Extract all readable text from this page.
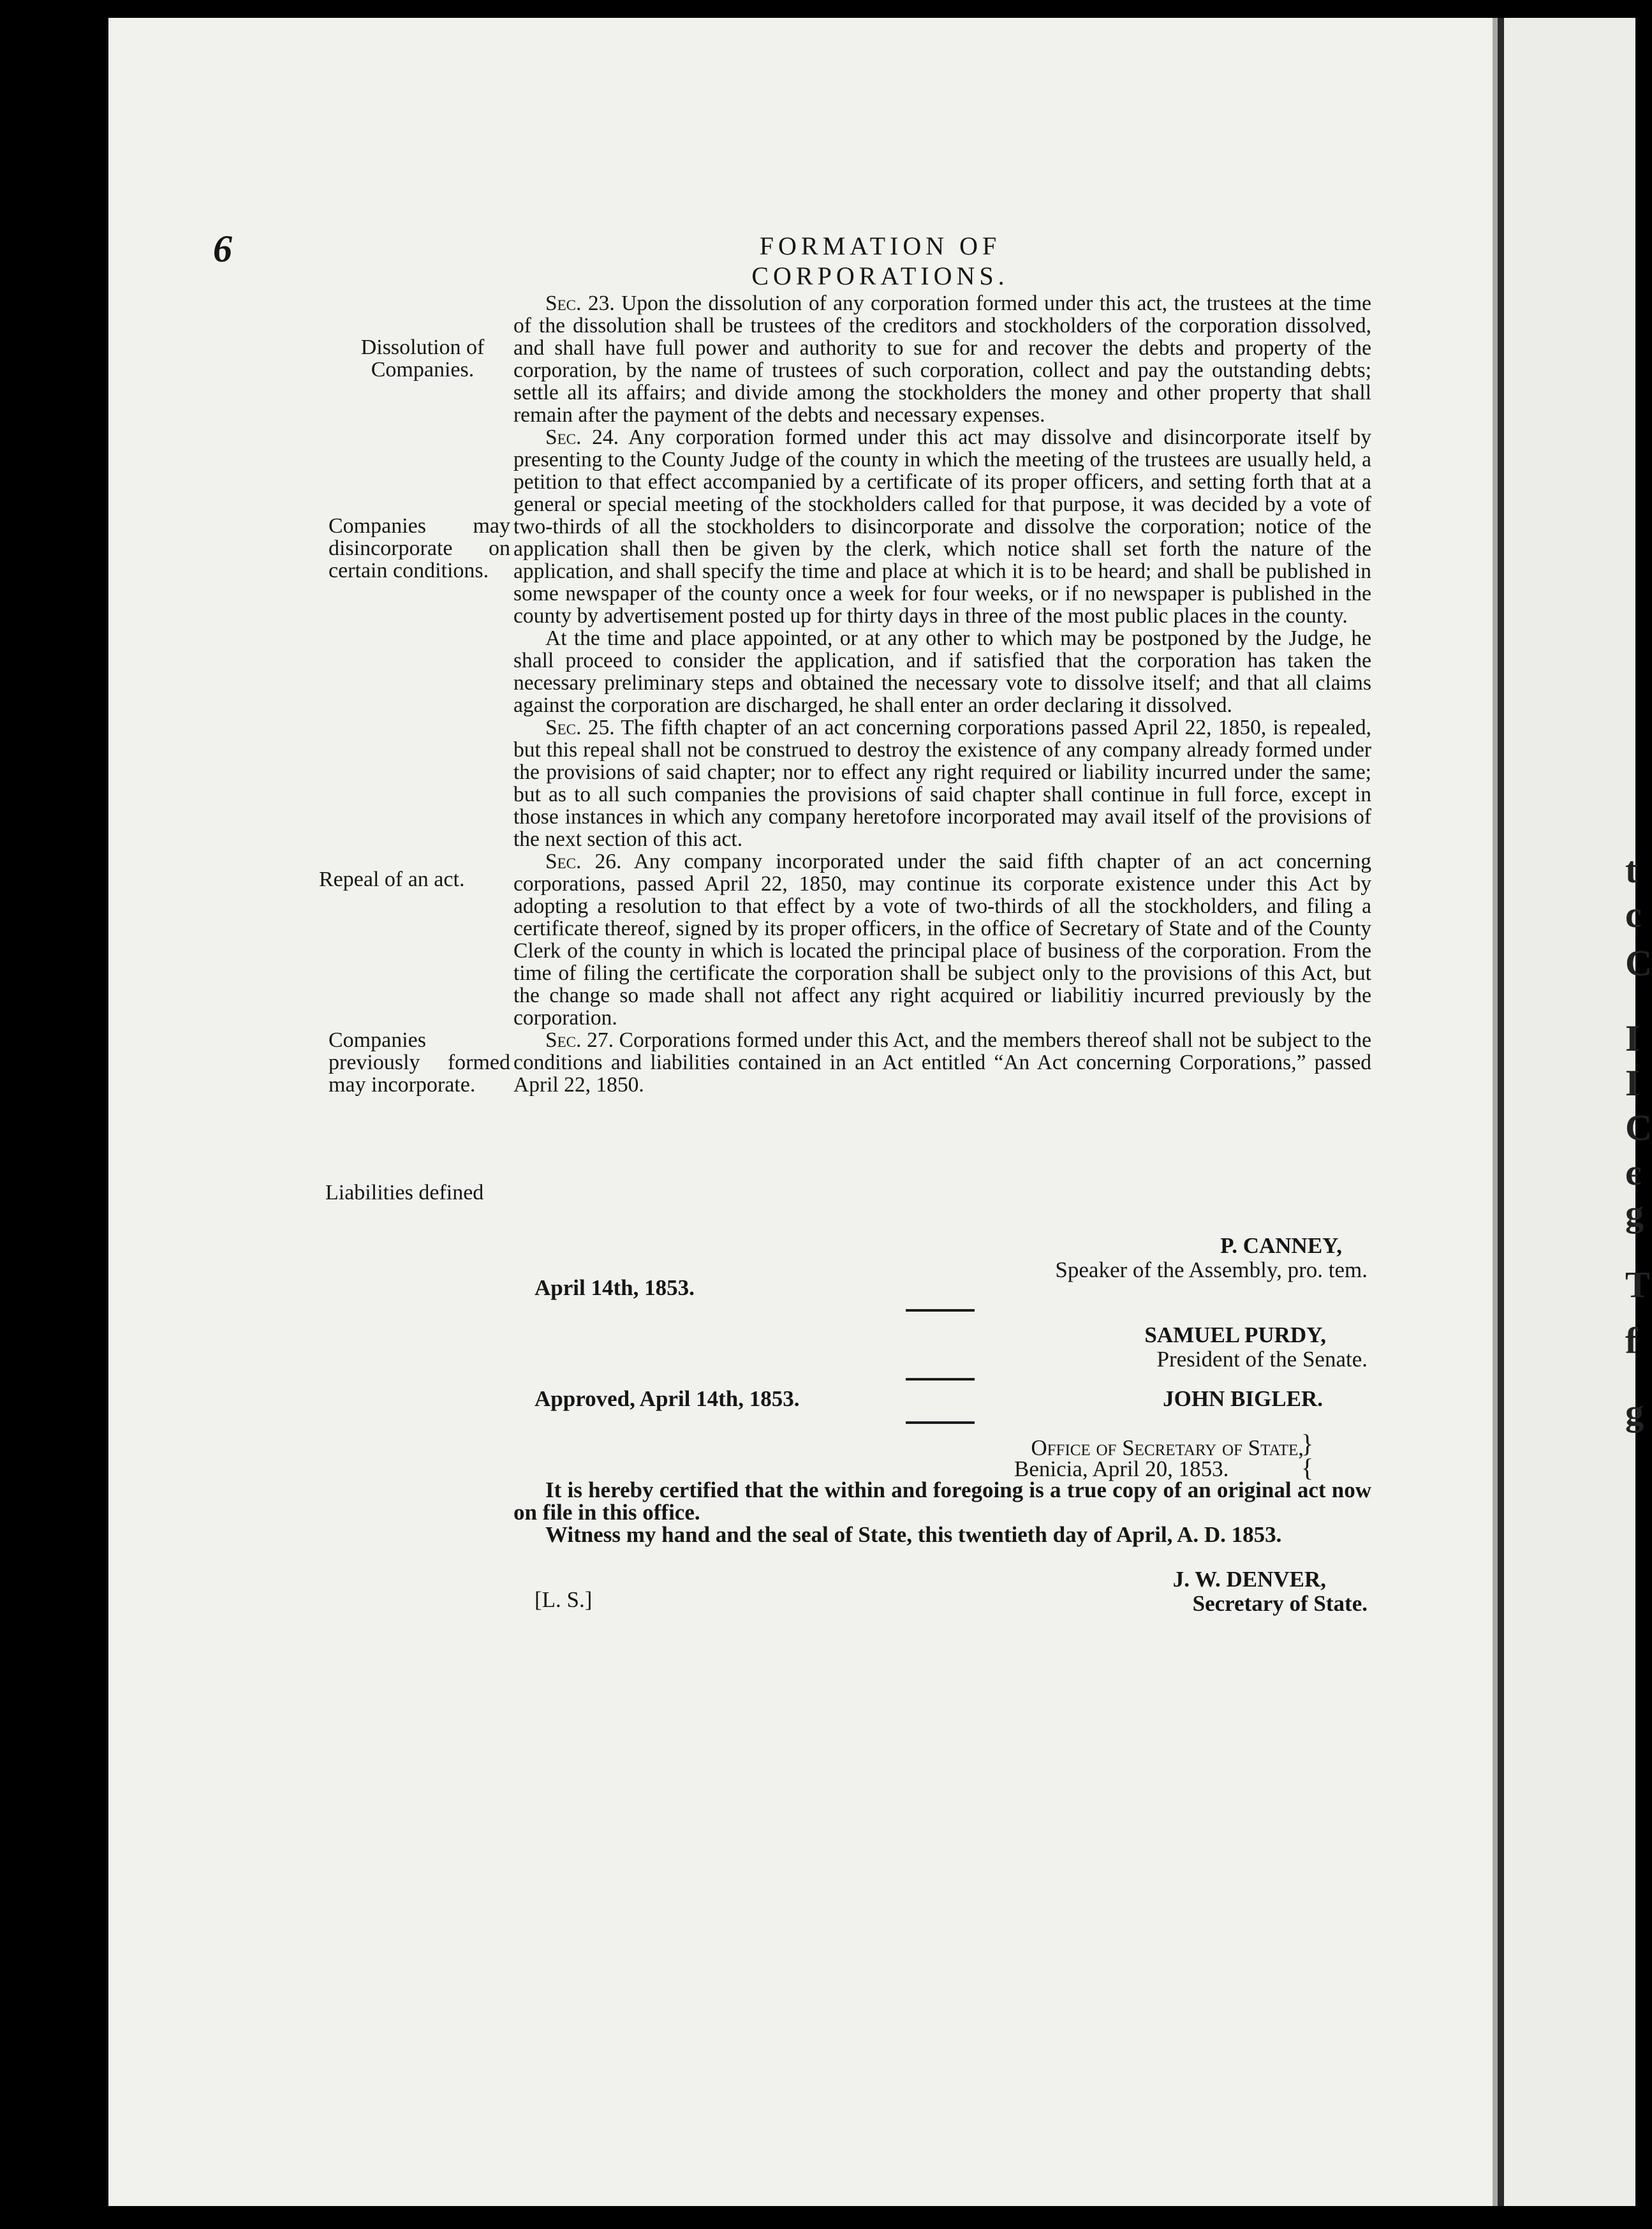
t
c
C
I
I
C
є
g
T
f
g
6	FORMATION OF CORPORATIONS.
Dissolution of Companies.
Companies may disincorporate on certain conditions.
Repeal of an act.
Companies previously formed may incorporate.
Liabilities defined

Sec. 23. Upon the dissolution of any corporation formed under this act, the trustees at the time of the dissolution shall be trustees of the creditors and stockholders of the corporation dissolved, and shall have full power and authority to sue for and recover the debts and property of the corporation, by the name of trustees of such corporation, collect and pay the outstanding debts; settle all its affairs; and divide among the stockholders the money and other property that shall remain after the payment of the debts and necessary expenses.

Sec. 24. Any corporation formed under this act may dissolve and disincorporate itself by presenting to the County Judge of the county in which the meeting of the trustees are usually held, a petition to that effect accompanied by a certificate of its proper officers, and setting forth that at a general or special meeting of the stockholders called for that purpose, it was decided by a vote of two-thirds of all the stockholders to disincorporate and dissolve the corporation; notice of the application shall then be given by the clerk, which notice shall set forth the nature of the application, and shall specify the time and place at which it is to be heard; and shall be published in some newspaper of the county once a week for four weeks, or if no newspaper is published in the county by advertisement posted up for thirty days in three of the most public places in the county.

At the time and place appointed, or at any other to which may be postponed by the Judge, he shall proceed to consider the application, and if satisfied that the corporation has taken the necessary preliminary steps and obtained the necessary vote to dissolve itself; and that all claims against the corporation are discharged, he shall enter an order declaring it dissolved.

Sec. 25. The fifth chapter of an act concerning corporations passed April 22, 1850, is repealed, but this repeal shall not be construed to destroy the existence of any company already formed under the provisions of said chapter; nor to effect any right required or liability incurred under the same; but as to all such companies the provisions of said chapter shall continue in full force, except in those instances in which any company heretofore incorporated may avail itself of the provisions of the next section of this act.

Sec. 26. Any company incorporated under the said fifth chapter of an act concerning corporations, passed April 22, 1850, may continue its corporate existence under this Act by adopting a resolution to that effect by a vote of two-thirds of all the stockholders, and filing a certificate thereof, signed by its proper officers, in the office of Secretary of State and of the County Clerk of the county in which is located the principal place of business of the corporation. From the time of filing the certificate the corporation shall be subject only to the provisions of this Act, but the change so made shall not affect any right acquired or liabilitiy incurred previously by the corporation.

Sec. 27. Corporations formed under this Act, and the members thereof shall not be subject to the conditions and liabilities contained in an Act entitled “An Act concerning Corporations,” passed April 22, 1850.

P. CANNEY,
Speaker of the Assembly, pro. tem.
April 14th, 1853.
SAMUEL PURDY,
President of the Senate.
Approved, April 14th, 1853.	JOHN BIGLER.
Office of Secretary of State,
Benicia, April 20, 1853.
}
{

It is hereby certified that the within and foregoing is a true copy of an original act now on file in this office.

Witness my hand and the seal of State, this twentieth day of April, A. D. 1853.

J. W. DENVER,
Secretary of State.
[L. S.]
